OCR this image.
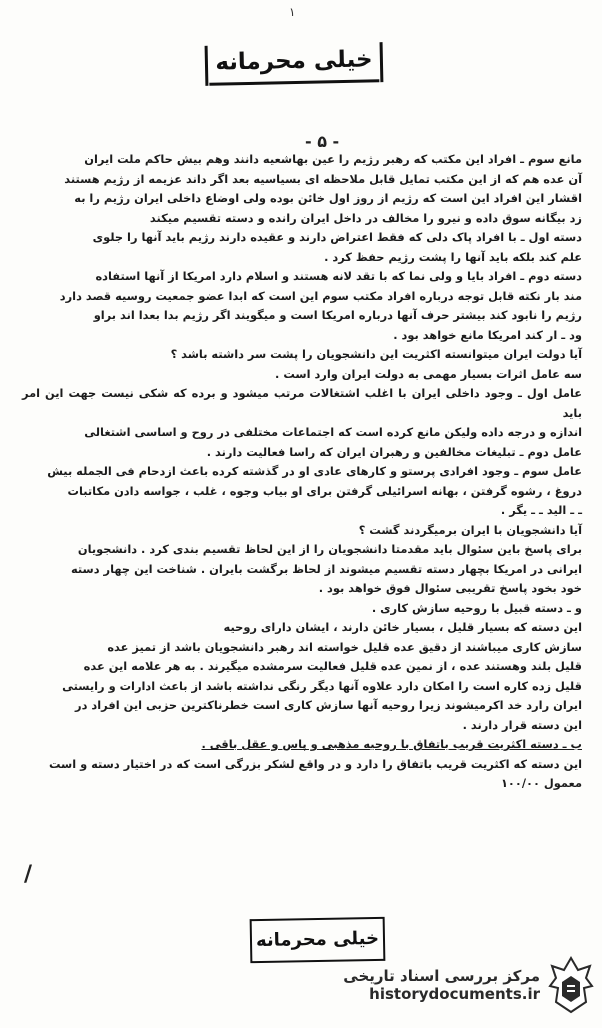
۱
خیلی محرمانه
- ۵ -

مانع سوم ـ افراد این مکتب که رهبر رژیم را عین بهاشعیه دانند وهم بیش حاکم ملت ایران

آن عده هم که از این مکتب تمایل قابل ملاحظه ای بسیاسیه بعد اگر داند عزیمه از رژیم هستند

اقشار این افراد این است که رژیم از روز اول خائن بوده ولی اوضاع داخلی ایران رژیم را به

زد بیگانه سوق داده و نیرو را مخالف در داخل ایران رانده و دسته تقسیم میکند

دسته اول ـ با افراد پاک دلی که فقط اعتراض دارند و عقیده دارند رژیم باید آنها را جلوی

علم کند بلکه باید آنها را پشت رژیم حفظ کرد .

دسته دوم ـ افراد بایا و ولی نما که با تقد لانه هستند و اسلام دارد امریکا از آنها استفاده

مند بار نکته قابل توجه درباره افراد مکتب سوم این است که ابدا عضو جمعیت روسیه قصد دارد

رژیم را نابود کند بیشتر حرف آنها درباره امریکا است و میگویند اگر رژیم بدا بعدا اند براو

ود ـ ار کند امریکا مانع خواهد بود .

آیا دولت ایران میتوانسته اکثریت این دانشجویان را پشت سر داشته باشد ؟

سه عامل اثرات بسیار مهمی به دولت ایران وارد است .

عامل اول ـ وجود داخلی ایران با اغلب اشتغالات مرتب میشود و برده که شکی نیست جهت این امر باید

اندازه و درجه داده ولیکن مانع کرده است که اجتماعات مختلفی در روح و اساسی اشتغالی

عامل دوم ـ تبلیغات مخالفین و رهبران ایران که راسا فعالیت دارند .

عامل سوم ـ وجود افرادی پرستو و کارهای عادی او در گذشته کرده باعث ازدحام فی الجمله بیش

دروغ ، رشوه گرفتن ، بهانه اسرائیلی گرفتن برای او بیاب وجوه ، غلب ، جواسه دادن مکاتبات

ـ ـ الید ـ ـ یگر .

آیا دانشجویان با ایران برمیگردند گشت ؟

برای پاسخ باین سئوال باید مقدمتا دانشجویان را از این لحاظ تقسیم بندی کرد . دانشجویان

ایرانی در امریکا بچهار دسته تقسیم میشوند از لحاظ برگشت بایران . شناخت این چهار دسته

خود بخود پاسخ تقریبی سئوال فوق خواهد بود .

و ـ دسته قبیل با روحیه سازش کاری .

این دسته که بسیار قلیل ، بسیار خائن دارند ، ایشان دارای روحیه

سازش کاری میباشند از دقیق عده قلیل خواسته اند رهبر دانشجویان باشد از تمیز عده

قلیل بلند وهستند عده ، از نمین عده قلیل فعالیت سرمشده میگیرند . به هر علامه این عده

قلیل زده کاره است را امکان دارد علاوه آنها دیگر رنگی نداشته باشد از باعث ادارات و رایستی

ایران رارد خد اکرمیشوند زیرا روحیه آنها سازش کاری است خطرناکترین حزبی این افراد در

این دسته قرار دارند .

ب ـ دسته اکثریت قریب باتفاق با روحیه مذهبی و پاس و عقل باقی .

این دسته که اکثریت قریب باتفاق را دارد و در واقع لشکر بزرگی است که در اختیار دسته و است

معمول ۱۰۰/۰۰

/
خیلی محرمانه
مرکز بررسی اسناد تاریخی
historydocuments.ir
